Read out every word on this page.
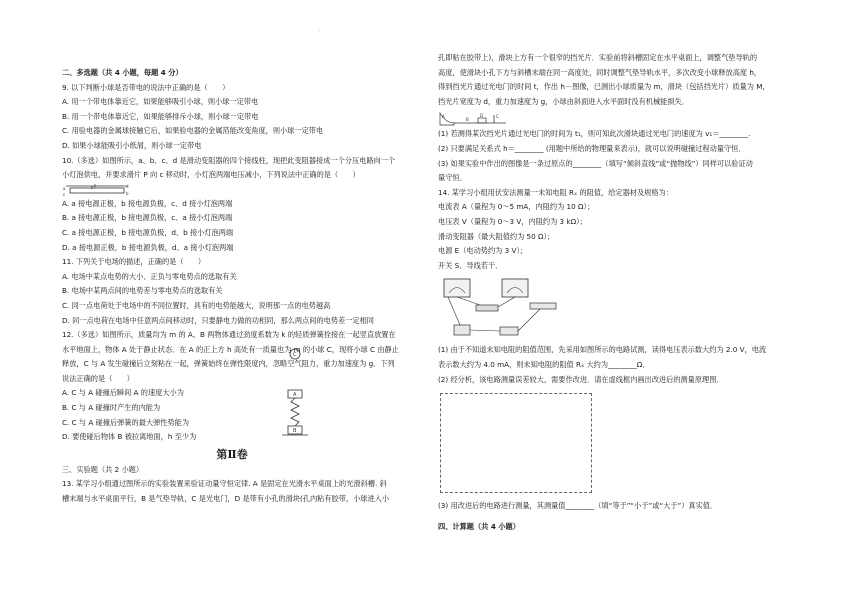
·
二、多选题（共 4 小题，每题 4 分）
9. 以下判断小球是否带电的说法中正确的是（　　）
A. 用一个带电体靠近它，如果能够吸引小球，则小球一定带电
B. 用一个带电体靠近它，如果能够排斥小球，则小球一定带电
C. 用验电器的金属球接触它后，如果验电器的金属箔能改变角度，则小球一定带电
D. 如果小球能吸引小纸屑，则小球一定带电
10.（多选）如图所示，a、b、c、d 是滑动变阻器的四个接线柱，现把此变阻器接成一个分压电路向一个
小灯泡供电，并要求滑片 P 向 c 移动时，小灯泡两端电压减小，下列说法中正确的是（　　）
a
b
c
d
P
A. a 接电源正极，b 接电源负极，c、d 接小灯泡两端
B. a 接电源正极，b 接电源负极，c、a 接小灯泡两端
C. a 接电源正极，b 接电源负极，d、b 接小灯泡两端
D. a 接电源正极，b 接电源负极，d、a 接小灯泡两端
11. 下列关于电场的描述，正确的是（　　）
A. 电场中某点电势的大小、正负与零电势点的选取有关
B. 电场中某两点间的电势差与零电势点的选取有关
C. 同一点电荷处于电场中的不同位置时，具有的电势能越大，说明那一点的电势越高
D. 同一点电荷在电场中任意两点间移动时，只要静电力做的功相同，那么两点间的电势差一定相同
12.（多选）如图所示，质量均为 m 的 A、B 两物体通过劲度系数为 k 的轻质弹簧拴接在一起竖直放置在
水平地面上，物体 A 处于静止状态．在 A 的正上方 h 高处有一质量也为 m 的小球 C，现将小球 C 由静止
释放，C 与 A 发生碰撞后立刻粘在一起，弹簧始终在弹性限度内，忽略空气阻力，重力加速度为 g．下列
说法正确的是（　　）
A. C 与 A 碰撞后瞬间 A 的速度大小为
B. C 与 A 碰撞时产生的内能为
C. C 与 A 碰撞后弹簧的最大弹性势能为
D. 要使碰后物体 B 被拉离地面，h 至少为
C
A
B
第Ⅱ卷
三、实验题（共 2 小题）
13. 某学习小组通过图所示的实验装置来验证动量守恒定律. A 是固定在光滑水平桌面上的光滑斜槽. 斜
槽末端与水平桌面平行，B 是气垫导轨，C 是光电门，D 是带有小孔的滑块(孔内粘有胶带，小球进入小
孔即粘在胶带上)，滑块上方有一个很窄的挡光片．实验前将斜槽固定在水平桌面上，调整气垫导轨的
高度，使滑块小孔下方与斜槽末端在同一高度处，同时调整气垫导轨水平，多次改变小球释放高度 h，
得到挡光片通过光电门的时间 t，作出 h－图像，已测出小球质量为 m，滑块（包括挡光片）质量为 M，
挡光片宽度为 d，重力加速度为 g，小球由斜面进入水平面时没有机械能损失．
A
B
C
D
(1) 若测得某次挡光片通过光电门的时间为 t₁，则可知此次滑块通过光电门的速度为 v₁＝________.
(2) 只要满足关系式 h＝________ (用题中所给的物理量来表示)，就可以说明碰撞过程动量守恒．
(3) 如果实验中作出的图像是一条过原点的________（填写“倾斜直线”或“抛物线”）同样可以验证动
量守恒．
14. 某学习小组用伏安法测量一未知电阻 Rₓ 的阻值，给定器材及规格为：
电流表 A（量程为 0～5 mA，内阻约为 10 Ω）；
电压表 V（量程为 0～3 V，内阻约为 3 kΩ）；
滑动变阻器（最大阻值约为 50 Ω）；
电源 E（电动势约为 3 V）；
开关 S、导线若干．
(1) 由于不知道未知电阻的阻值范围，先采用如图所示的电路试测，读得电压表示数大约为 2.0 V，电流
表示数大约为 4.0 mA，则未知电阻的阻值 Rₓ 大约为________Ω．
(2) 经分析，该电路测量误差较大，需要作改进．请在虚线框内画出改进后的测量原理图．
(3) 用改进后的电路进行测量，其测量值________（填“等于”“小于”或“大于”）真实值．
四、计算题（共 4 小题）
